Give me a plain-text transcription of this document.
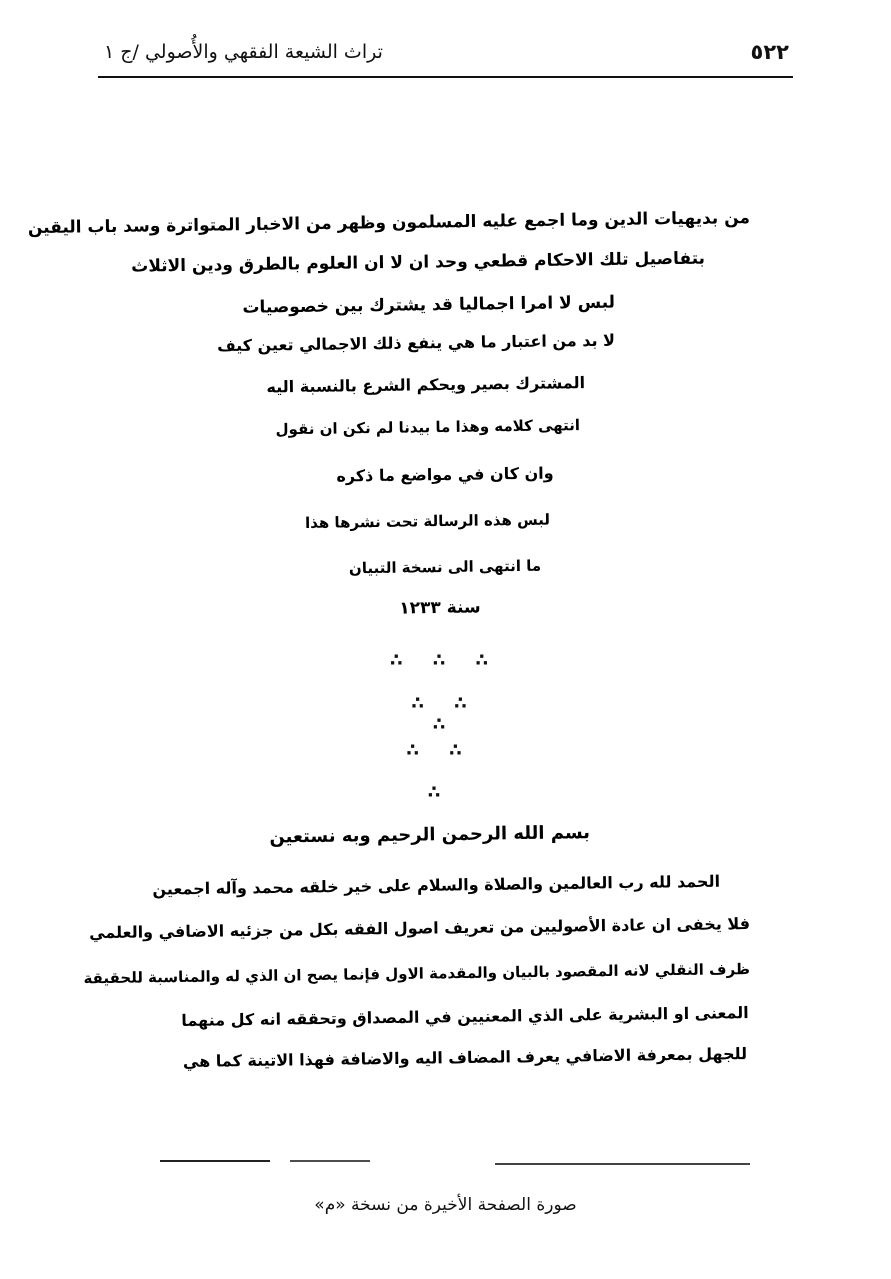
٥٢٢
تراث الشيعة الفقهي والأُصولي /ج ١
من بديهيات الدين وما اجمع عليه المسلمون وظهر من الاخبار المتواترة وسد باب اليقين
بتفاصيل تلك الاحكام قطعي وحد ان لا ان العلوم بالطرق ودين الاثلاث
لبس لا امرا اجماليا قد يشترك بين خصوصيات
لا بد من اعتبار ما هي ينفع ذلك الاجمالي تعين كيف
المشترك بصير ويحكم الشرع بالنسبة اليه
انتهى كلامه وهذا ما بيدنا لم نكن ان نقول
وان كان في مواضع ما ذكره
لبس هذه الرسالة تحت نشرها هذا
ما انتهى الى نسخة التبيان
سنة ١٢٣٣
∴ ∴ ∴
∴ ∴ ∴
∴ ∴
∴
بسم الله الرحمن الرحيم وبه نستعين
الحمد لله رب العالمين والصلاة والسلام على خير خلقه محمد وآله اجمعين
فلا يخفى ان عادة الأصوليين من تعريف اصول الفقه بكل من جزئيه الاضافي والعلمي
ظرف النقلي لانه المقصود بالبيان والمقدمة الاول فإنما يصح ان الذي له والمناسبة للحقيقة
المعنى او البشرية على الذي المعنيين في المصداق وتحققه انه كل منهما
للجهل بمعرفة الاضافي يعرف المضاف اليه والاضافة فهذا الاتينة كما هي
صورة الصفحة الأخيرة من نسخة «م»
